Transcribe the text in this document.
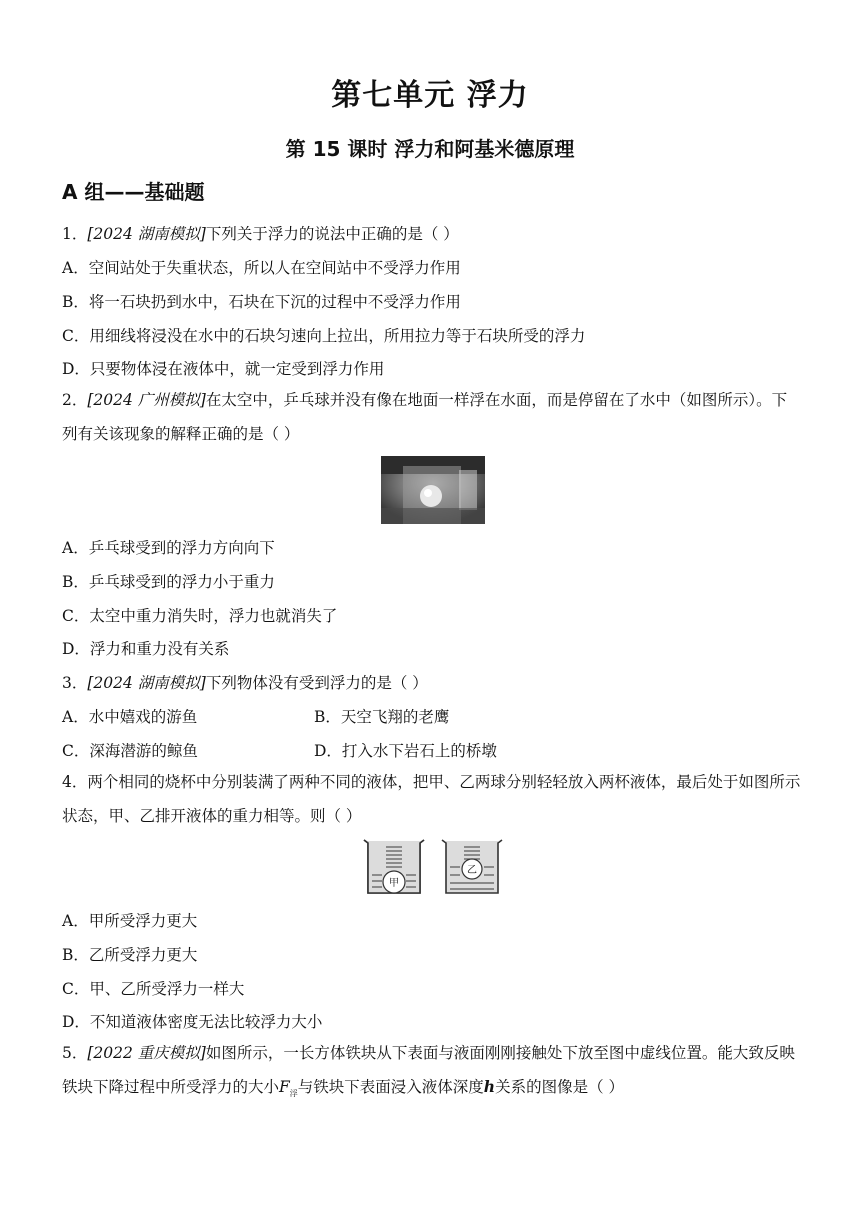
第七单元 浮力
第 15 课时 浮力和阿基米德原理
A 组——基础题
1．[2024 湖南模拟]下列关于浮力的说法中正确的是（ ）
A．空间站处于失重状态，所以人在空间站中不受浮力作用
B．将一石块扔到水中，石块在下沉的过程中不受浮力作用
C．用细线将浸没在水中的石块匀速向上拉出，所用拉力等于石块所受的浮力
D．只要物体浸在液体中，就一定受到浮力作用
2．[2024 广州模拟]在太空中，乒乓球并没有像在地面一样浮在水面，而是停留在了水中（如图所示）。下列有关该现象的解释正确的是（ ）
A．乒乓球受到的浮力方向向下
B．乒乓球受到的浮力小于重力
C．太空中重力消失时，浮力也就消失了
D．浮力和重力没有关系
3．[2024 湖南模拟]下列物体没有受到浮力的是（ ）
A．水中嬉戏的游鱼	B．天空飞翔的老鹰
C．深海潜游的鲸鱼	D．打入水下岩石上的桥墩
4．两个相同的烧杯中分别装满了两种不同的液体，把甲、乙两球分别轻轻放入两杯液体，最后处于如图所示状态，甲、乙排开液体的重力相等。则（ ）
甲
乙
A．甲所受浮力更大
B．乙所受浮力更大
C．甲、乙所受浮力一样大
D．不知道液体密度无法比较浮力大小
5．[2022 重庆模拟]如图所示，一长方体铁块从下表面与液面刚刚接触处下放至图中虚线位置。能大致反映铁块下降过程中所受浮力的大小$F_浮$与铁块下表面浸入液体深度h关系的图像是（ ）
